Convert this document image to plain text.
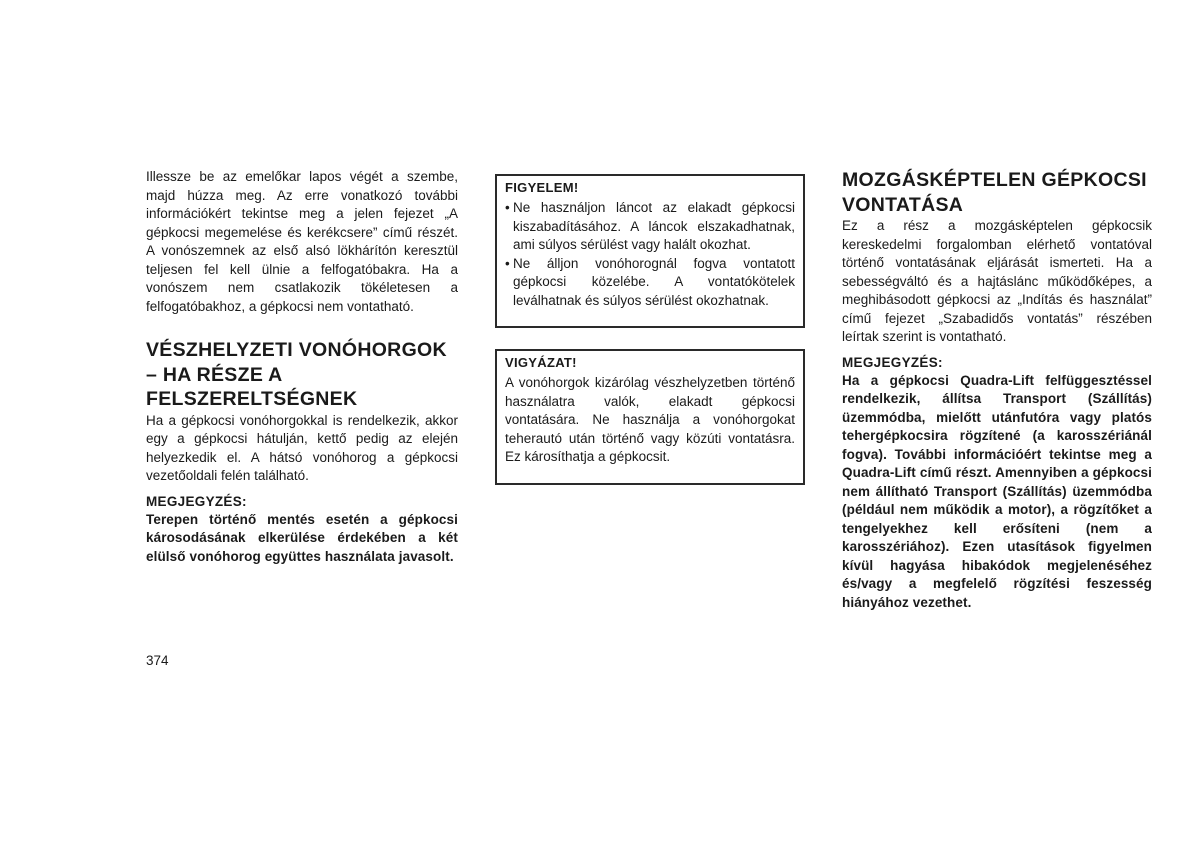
Illessze be az emelőkar lapos végét a szembe, majd húzza meg. Az erre vonatkozó további információkért tekintse meg a jelen fejezet „A gépkocsi megemelése és kerékcsere” című részét. A vonószemnek az első alsó lökhárítón keresztül teljesen fel kell ülnie a felfogatóbakra. Ha a vonószem nem csatlakozik tökéletesen a felfogatóbakhoz, a gépkocsi nem vontatható.

VÉSZHELYZETI VONÓHORGOK – HA RÉSZE A FELSZERELTSÉGNEK

Ha a gépkocsi vonóhorgokkal is rendelkezik, akkor egy a gépkocsi hátulján, kettő pedig az elején helyezkedik el. A hátsó vonóhorog a gépkocsi vezetőoldali felén található.

MEGJEGYZÉS:

Terepen történő mentés esetén a gépkocsi károsodásának elkerülése érdekében a két elülső vonóhorog együttes használata javasolt.

FIGYELEM!
• Ne használjon láncot az elakadt gépkocsi kiszabadításához. A láncok elszakadhatnak, ami súlyos sérülést vagy halált okozhat.
• Ne álljon vonóhorognál fogva vontatott gépkocsi közelébe. A vontatókötelek leválhatnak és súlyos sérülést okozhatnak.
VIGYÁZAT!

A vonóhorgok kizárólag vészhelyzetben történő használatra valók, elakadt gépkocsi vontatására. Ne használja a vonóhorgokat teherautó után történő vagy közúti vontatásra. Ez károsíthatja a gépkocsit.

MOZGÁSKÉPTELEN GÉPKOCSI VONTATÁSA

Ez a rész a mozgásképtelen gépkocsik kereskedelmi forgalomban elérhető vontatóval történő vontatásának eljárását ismerteti. Ha a sebességváltó és a hajtáslánc működőképes, a meghibásodott gépkocsi az „Indítás és használat” című fejezet „Szabadidős vontatás” részében leírtak szerint is vontatható.

MEGJEGYZÉS:

Ha a gépkocsi Quadra-Lift felfüggesztéssel rendelkezik, állítsa Transport (Szállítás) üzemmódba, mielőtt utánfutóra vagy platós tehergépkocsira rögzítené (a karosszériánál fogva). További információért tekintse meg a Quadra-Lift című részt. Amennyiben a gépkocsi nem állítható Transport (Szállítás) üzemmódba (például nem működik a motor), a rögzítőket a tengelyekhez kell erősíteni (nem a karosszériához). Ezen utasítások figyelmen kívül hagyása hibakódok megjelenéséhez és/vagy a megfelelő rögzítési feszesség hiányához vezethet.

374
